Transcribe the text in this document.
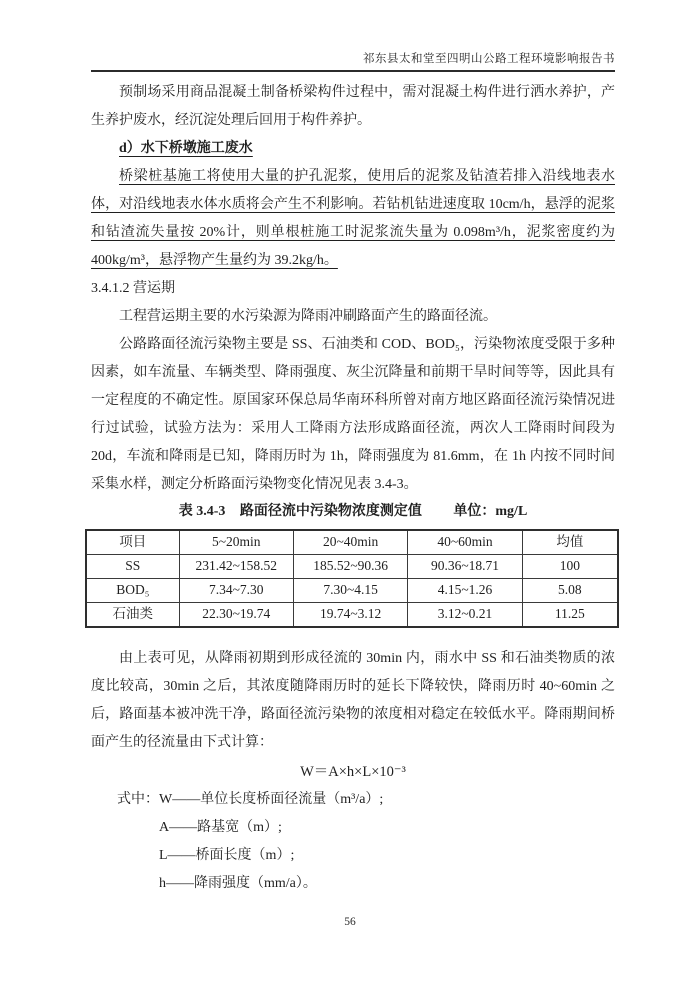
祁东县太和堂至四明山公路工程环境影响报告书

预制场采用商品混凝土制备桥梁构件过程中，需对混凝土构件进行洒水养护，产生养护废水，经沉淀处理后回用于构件养护。

d）水下桥墩施工废水

桥梁桩基施工将使用大量的护孔泥浆，使用后的泥浆及钻渣若排入沿线地表水体，对沿线地表水体水质将会产生不利影响。若钻机钻进速度取 10cm/h，悬浮的泥浆和钻渣流失量按 20%计，则单根桩施工时泥浆流失量为 0.098m³/h，泥浆密度约为400kg/m³，悬浮物产生量约为 39.2kg/h。

3.4.1.2 营运期

工程营运期主要的水污染源为降雨冲刷路面产生的路面径流。

公路路面径流污染物主要是 SS、石油类和 COD、BOD₅，污染物浓度受限于多种因素，如车流量、车辆类型、降雨强度、灰尘沉降量和前期干旱时间等等，因此具有一定程度的不确定性。原国家环保总局华南环科所曾对南方地区路面径流污染情况进行过试验，试验方法为：采用人工降雨方法形成路面径流，两次人工降雨时间段为20d，车流和降雨是已知，降雨历时为 1h，降雨强度为 81.6mm，在 1h 内按不同时间采集水样，测定分析路面污染物变化情况见表 3.4-3。

表 3.4-3 路面径流中污染物浓度测定值 单位：mg/L
项目	5~20min	20~40min	40~60min	均值
SS	231.42~158.52	185.52~90.36	90.36~18.71	100
BOD₅	7.34~7.30	7.30~4.15	4.15~1.26	5.08
石油类	22.30~19.74	19.74~3.12	3.12~0.21	11.25

由上表可见，从降雨初期到形成径流的 30min 内，雨水中 SS 和石油类物质的浓度比较高，30min 之后，其浓度随降雨历时的延长下降较快，降雨历时 40~60min 之后，路面基本被冲洗干净，路面径流污染物的浓度相对稳定在较低水平。降雨期间桥面产生的径流量由下式计算：

W＝A×h×L×10⁻³
式中：W——单位长度桥面径流量（m³/a）;
A——路基宽（m）;
L——桥面长度（m）;
h——降雨强度（mm/a）。
56
